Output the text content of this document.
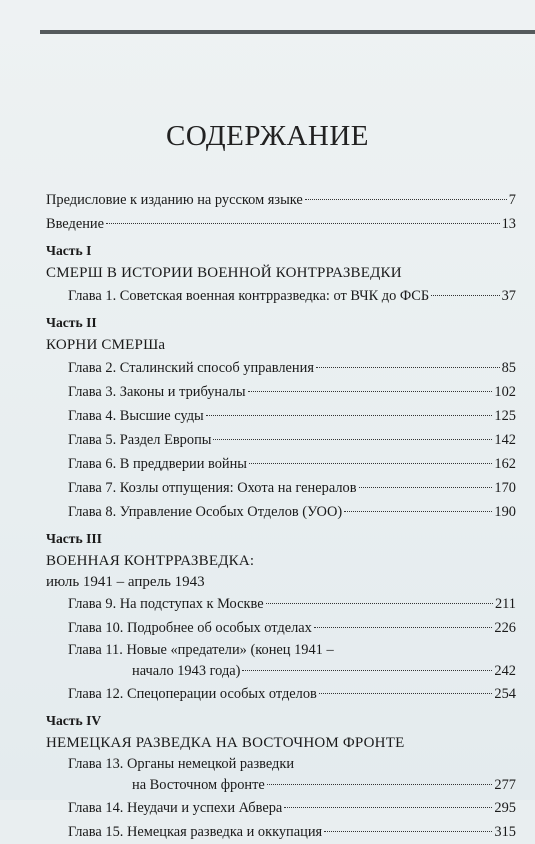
СОДЕРЖАНИЕ
Предисловие к изданию на русском языке	7
Введение	13
Часть I
СМЕРШ В ИСТОРИИ ВОЕННОЙ КОНТРРАЗВЕДКИ
Глава 1. Советская военная контрразведка: от ВЧК до ФСБ	37
Часть II
КОРНИ СМЕРШа
Глава 2. Сталинский способ управления	85
Глава 3. Законы и трибуналы	102
Глава 4. Высшие суды	125
Глава 5. Раздел Европы	142
Глава 6. В преддверии войны	162
Глава 7. Козлы отпущения: Охота на генералов	170
Глава 8. Управление Особых Отделов (УОО)	190
Часть III
ВОЕННАЯ КОНТРРАЗВЕДКА:
июль 1941 – апрель 1943
Глава 9. На подступах к Москве	211
Глава 10. Подробнее об особых отделах	226
Глава 11. Новые «предатели» (конец 1941 –
начало 1943 года)	242
Глава 12. Спецоперации особых отделов	254
Часть IV
НЕМЕЦКАЯ РАЗВЕДКА НА ВОСТОЧНОМ ФРОНТЕ
Глава 13. Органы немецкой разведки
на Восточном фронте	277
Глава 14. Неудачи и успехи Абвера	295
Глава 15. Немецкая разведка и оккупация	315
